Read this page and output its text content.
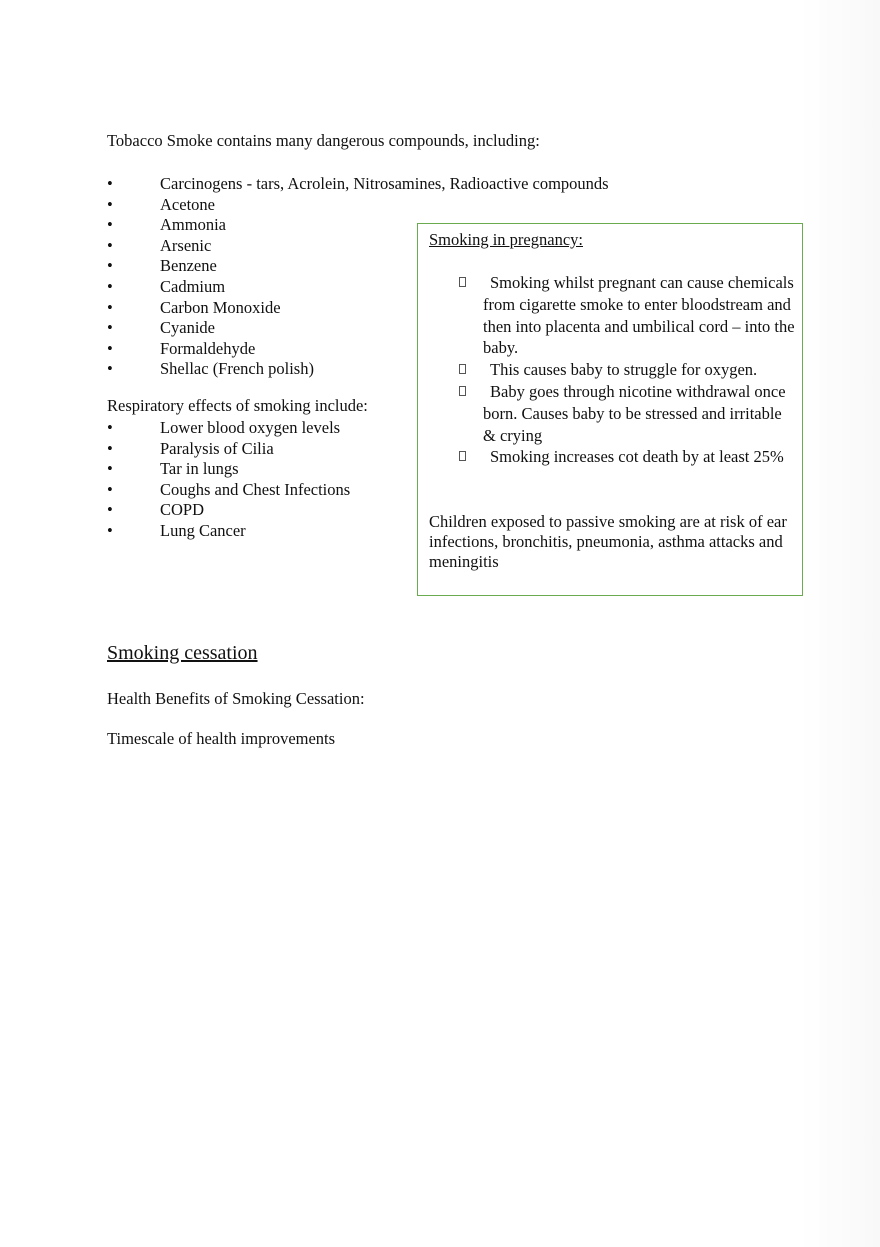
Tobacco Smoke contains many dangerous compounds, including:
•	Carcinogens - tars, Acrolein, Nitrosamines, Radioactive compounds
•	Acetone
•	Ammonia
•	Arsenic
•	Benzene
•	Cadmium
•	Carbon Monoxide
•	Cyanide
•	Formaldehyde
•	Shellac (French polish)
Respiratory effects of smoking include:
•	Lower blood oxygen levels
•	Paralysis of Cilia
•	Tar in lungs
•	Coughs and Chest Infections
•	COPD
•	Lung Cancer
Smoking in pregnancy:
Smoking whilst pregnant can cause chemicals from cigarette smoke to enter bloodstream and then into placenta and umbilical cord – into the baby.
This causes baby to struggle for oxygen.
Baby goes through nicotine withdrawal once born. Causes baby to be stressed and irritable & crying
Smoking increases cot death by at least 25%
Children exposed to passive smoking are at risk of ear infections, bronchitis, pneumonia, asthma attacks and meningitis
Smoking cessation
Health Benefits of Smoking Cessation:
Timescale of health improvements
